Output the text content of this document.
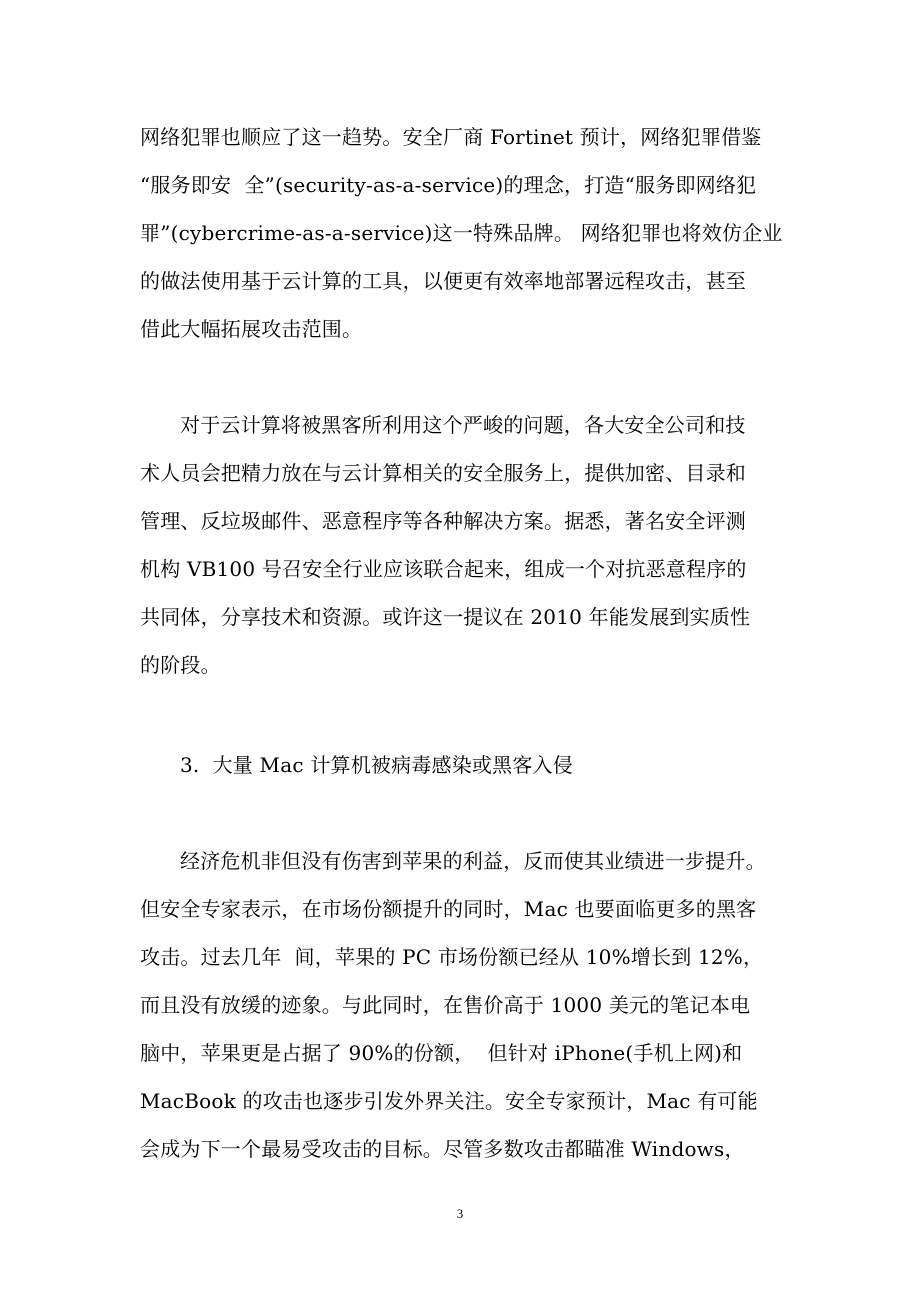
网络犯罪也顺应了这一趋势。安全厂商 Fortinet 预计，网络犯罪借鉴

“服务即安  全”(security-as-a-service)的理念，打造“服务即网络犯

罪”(cybercrime-as-a-service)这一特殊品牌。 网络犯罪也将效仿企业

的做法使用基于云计算的工具，以便更有效率地部署远程攻击，甚至

借此大幅拓展攻击范围。

对于云计算将被黑客所利用这个严峻的问题，各大安全公司和技

术人员会把精力放在与云计算相关的安全服务上，提供加密、目录和

管理、反垃圾邮件、恶意程序等各种解决方案。据悉，著名安全评测

机构 VB100 号召安全行业应该联合起来，组成一个对抗恶意程序的

共同体，分享技术和资源。或许这一提议在 2010 年能发展到实质性

的阶段。

3.  大量 Mac 计算机被病毒感染或黑客入侵

经济危机非但没有伤害到苹果的利益，反而使其业绩进一步提升。

但安全专家表示，在市场份额提升的同时，Mac 也要面临更多的黑客

攻击。过去几年  间，苹果的 PC 市场份额已经从 10%增长到 12%，

而且没有放缓的迹象。与此同时，在售价高于 1000 美元的笔记本电

脑中，苹果更是占据了 90%的份额，  但针对 iPhone(手机上网)和

MacBook 的攻击也逐步引发外界关注。安全专家预计，Mac 有可能

会成为下一个最易受攻击的目标。尽管多数攻击都瞄准 Windows，

3
